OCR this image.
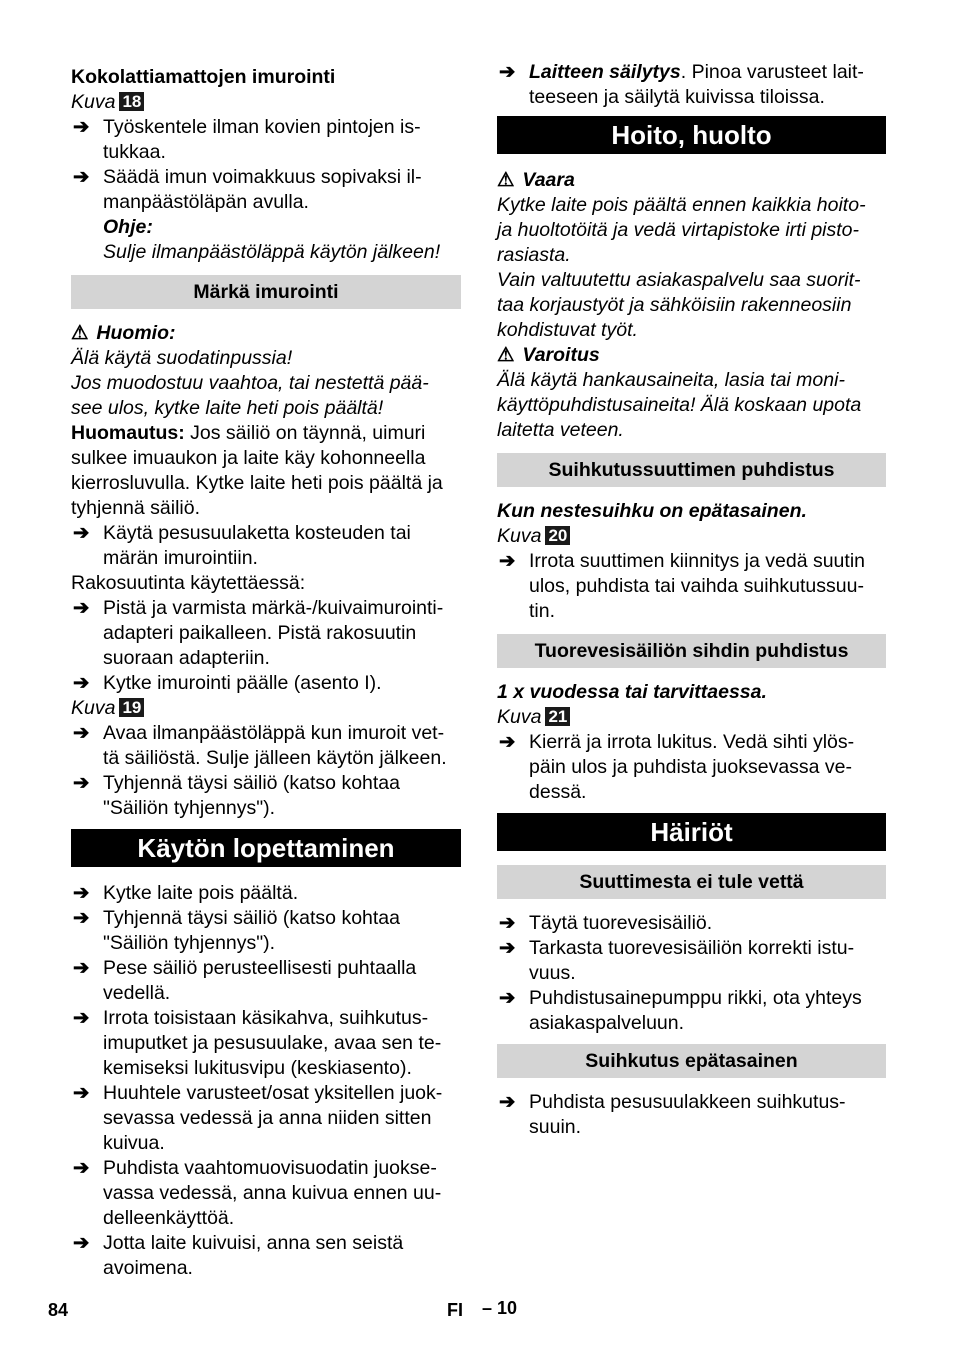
Kokolattiamattojen imurointi

Kuva 18

➔ Työskentele ilman kovien pintojen is-
tukkaa.
➔ Säädä imun voimakkuus sopivaksi il-
manpäästöläpän avulla.

Ohje:

Sulje ilmanpäästöläppä käytön jälkeen!

Märkä imurointi

⚠ Huomio:

Älä käytä suodatinpussia!
Jos muodostuu vaahtoa, tai nestettä pää-
see ulos, kytke laite heti pois päältä!

Huomautus: Jos säiliö on täynnä, uimuri sulkee imuaukon ja laite käy kohonneella kierrosluvulla. Kytke laite heti pois päältä ja tyhjennä säiliö.

➔ Käytä pesusuulaketta kosteuden tai
märän imurointiin.

Rakosuutinta käytettäessä:

➔ Pistä ja varmista märkä-/kuivaimurointi-
adapteri paikalleen. Pistä rakosuutin
suoraan adapteriin.
➔ Kytke imurointi päälle (asento I).

Kuva 19

➔ Avaa ilmanpäästöläppä kun imuroit vet-
tä säiliöstä. Sulje jälleen käytön jälkeen.
➔ Tyhjennä täysi säiliö (katso kohtaa
"Säiliön tyhjennys").
Käytön lopettaminen
➔ Kytke laite pois päältä.
➔ Tyhjennä täysi säiliö (katso kohtaa
"Säiliön tyhjennys").
➔ Pese säiliö perusteellisesti puhtaalla
vedellä.
➔ Irrota toisistaan käsikahva, suihkutus-
imuputket ja pesusuulake, avaa sen te-
kemiseksi lukitusvipu (keskiasento).
➔ Huuhtele varusteet/osat yksitellen juok-
sevassa vedessä ja anna niiden sitten
kuivua.
➔ Puhdista vaahtomuovisuodatin juokse-
vassa vedessä, anna kuivua ennen uu-
delleenkäyttöä.
➔ Jotta laite kuivuisi, anna sen seistä
avoimena.
➔ Laitteen säilytys. Pinoa varusteet lait-
teeseen ja säilytä kuivissa tiloissa.
Hoito, huolto

⚠ Vaara

Kytke laite pois päältä ennen kaikkia hoito-
ja huoltotöitä ja vedä virtapistoke irti pisto-
rasiasta.
Vain valtuutettu asiakaspalvelu saa suorit-
taa korjaustyöt ja sähköisiin rakenneosiin
kohdistuvat työt.

⚠ Varoitus

Älä käytä hankausaineita, lasia tai moni-
käyttöpuhdistusaineita! Älä koskaan upota
laitetta veteen.

Suihkutussuuttimen puhdistus

Kun nestesuihku on epätasainen.

Kuva 20

➔ Irrota suuttimen kiinnitys ja vedä suutin
ulos, puhdista tai vaihda suihkutussuu-
tin.
Tuorevesisäiliön sihdin puhdistus

1 x vuodessa tai tarvittaessa.

Kuva 21

➔ Kierrä ja irrota lukitus. Vedä sihti ylös-
päin ulos ja puhdista juoksevassa ve-
dessä.
Häiriöt
Suuttimesta ei tule vettä
➔ Täytä tuorevesisäiliö.
➔ Tarkasta tuorevesisäiliön korrekti istu-
vuus.
➔ Puhdistusainepumppu rikki, ota yhteys
asiakaspalveluun.
Suihkutus epätasainen
➔ Puhdista pesusuulakkeen suihkutus-
suuin.
84	FI – 10
